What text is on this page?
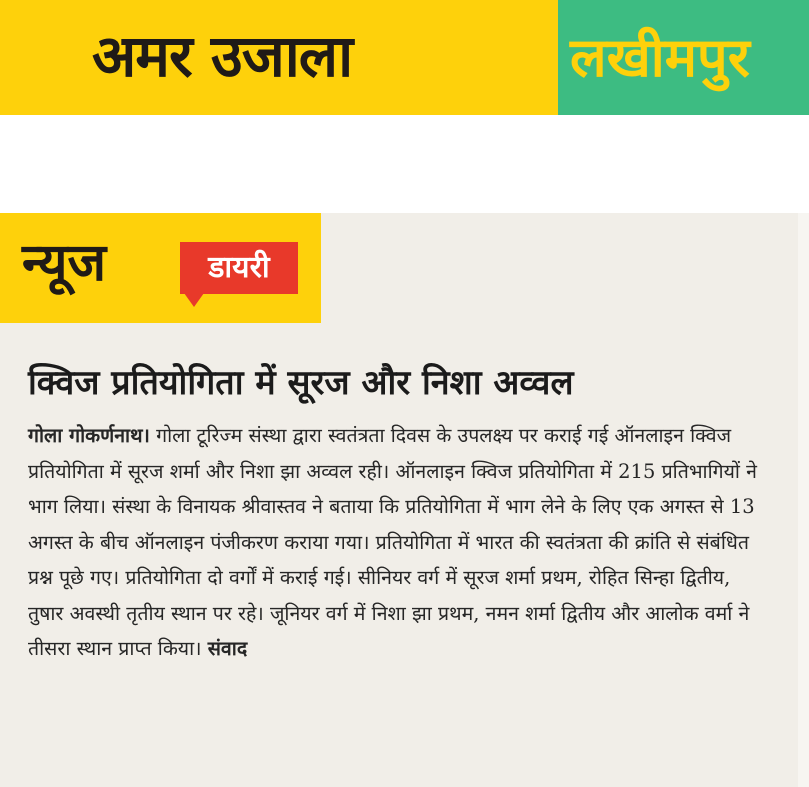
अमर उजाला	लखीमपुर
न्यूज	डायरी
क्विज प्रतियोगिता में सूरज और निशा अव्वल
गोला गोकर्णनाथ। गोला टूरिज्म संस्था द्वारा स्वतंत्रता दिवस के उपलक्ष्य पर कराई गई ऑनलाइन क्विज प्रतियोगिता में सूरज शर्मा और निशा झा अव्वल रही। ऑनलाइन क्विज प्रतियोगिता में 215 प्रतिभागियों ने भाग लिया। संस्था के विनायक श्रीवास्तव ने बताया कि प्रतियोगिता में भाग लेने के लिए एक अगस्त से 13 अगस्त के बीच ऑनलाइन पंजीकरण कराया गया। प्रतियोगिता में भारत की स्वतंत्रता की क्रांति से संबंधित प्रश्न पूछे गए। प्रतियोगिता दो वर्गों में कराई गई। सीनियर वर्ग में सूरज शर्मा प्रथम, रोहित सिन्हा द्वितीय, तुषार अवस्थी तृतीय स्थान पर रहे। जूनियर वर्ग में निशा झा प्रथम, नमन शर्मा द्वितीय और आलोक वर्मा ने तीसरा स्थान प्राप्त किया। संवाद
